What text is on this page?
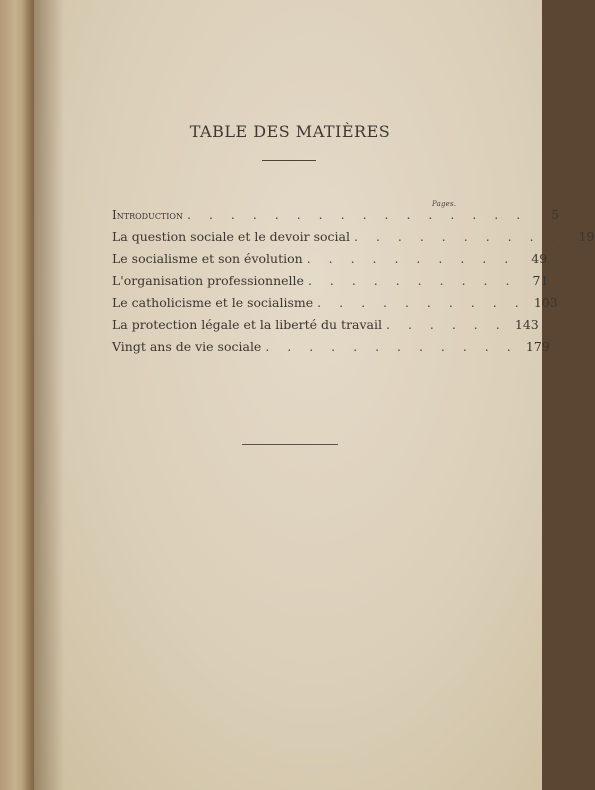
TABLE DES MATIÈRES
Pages.
Introduction . . . . . . . . . . . . . . . .	5
La question sociale et le devoir social . . . . . . . . . .	19
Le socialisme et son évolution . . . . . . . . . .	49
L'organisation professionnelle . . . . . . . . . .	71
Le catholicisme et le socialisme . . . . . . . . . . 103
La protection légale et la liberté du travail . . . . . . 143
Vingt ans de vie sociale . . . . . . . . . . . . 179
